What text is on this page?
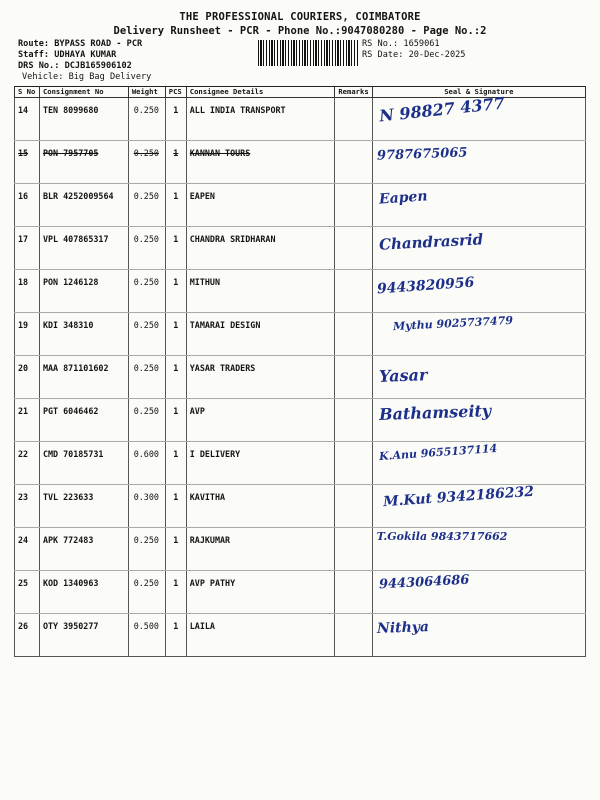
THE PROFESSIONAL COURIERS, COIMBATORE
Delivery Runsheet - PCR - Phone No.:9047080280 - Page No.:2
Route: BYPASS ROAD - PCR
Staff: UDHAYA KUMAR
DRS No.: DCJB165906102
Vehicle: Big Bag Delivery
RS No.: 1659061
RS Date: 20-Dec-2025
S No	Consignment No	Weight	PCS	Consignee Details	Remarks	Seal & Signature
14	TEN 8099680	0.250	1	ALL INDIA TRANSPORT		N 98827 4377

15	PON 7957705	0.250	1	KANNAN TOURS		9787675065

16	BLR 4252009564	0.250	1	EAPEN		Eapen

17	VPL 407865317	0.250	1	CHANDRA SRIDHARAN		Chandrasrid

18	PON 1246128	0.250	1	MITHUN		9443820956

19	KDI 348310	0.250	1	TAMARAI DESIGN		Mythu 9025737479

20	MAA 871101602	0.250	1	YASAR TRADERS		Yasar

21	PGT 6046462	0.250	1	AVP		Bathamseity

22	CMD 70185731	0.600	1	I DELIVERY		K.Anu 9655137114

23	TVL 223633	0.300	1	KAVITHA		M.Kut 9342186232

24	APK 772483	0.250	1	RAJKUMAR		T.Gokila 9843717662

25	KOD 1340963	0.250	1	AVP PATHY		9443064686

26	OTY 3950277	0.500	1	LAILA		Nithya
